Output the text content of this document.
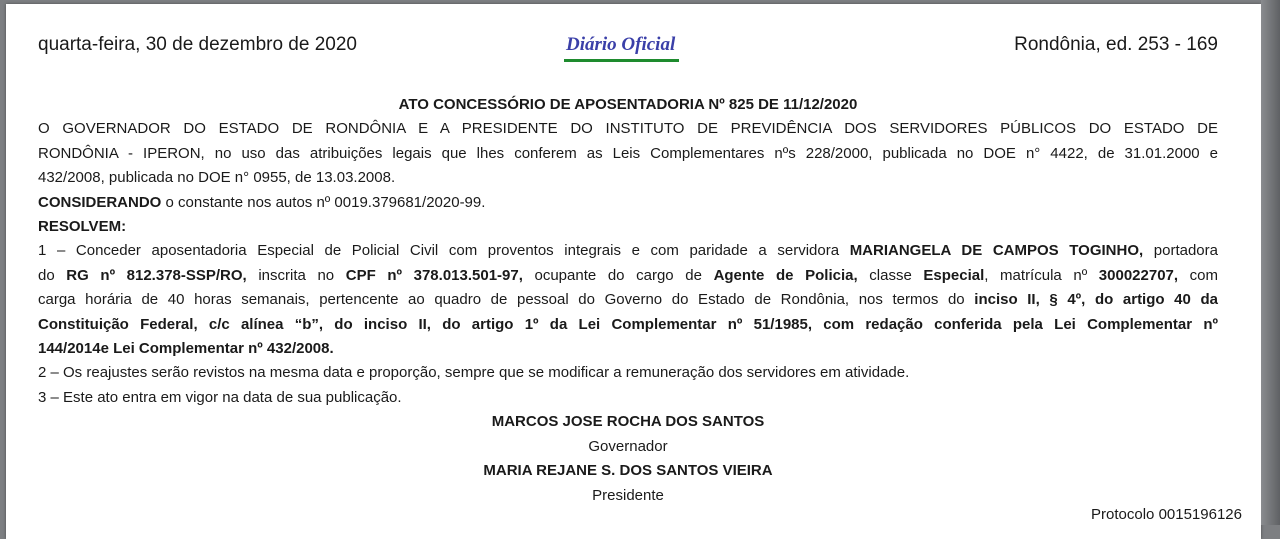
quarta-feira, 30 de dezembro de 2020	Diário Oficial	Rondônia, ed. 253 - 169
ATO CONCESSÓRIO DE APOSENTADORIA Nº 825 DE 11/12/2020
O GOVERNADOR DO ESTADO DE RONDÔNIA E A PRESIDENTE DO INSTITUTO DE PREVIDÊNCIA DOS SERVIDORES PÚBLICOS DO ESTADO DE
RONDÔNIA - IPERON, no uso das atribuições legais que lhes conferem as Leis Complementares nºs 228/2000, publicada no DOE n° 4422, de 31.01.2000 e
432/2008, publicada no DOE n° 0955, de 13.03.2008.
CONSIDERANDO o constante nos autos nº 0019.379681/2020-99.
RESOLVEM:
1 – Conceder aposentadoria Especial de Policial Civil com proventos integrais e com paridade a servidora MARIANGELA DE CAMPOS TOGINHO, portadora
do RG nº 812.378-SSP/RO, inscrita no CPF nº 378.013.501-97, ocupante do cargo de Agente de Policia, classe Especial, matrícula nº 300022707, com
carga horária de 40 horas semanais, pertencente ao quadro de pessoal do Governo do Estado de Rondônia, nos termos do inciso II, § 4º, do artigo 40 da
Constituição Federal, c/c alínea “b”, do inciso II, do artigo 1º da Lei Complementar nº 51/1985, com redação conferida pela Lei Complementar nº
144/2014e Lei Complementar nº 432/2008.
2 – Os reajustes serão revistos na mesma data e proporção, sempre que se modificar a remuneração dos servidores em atividade.
3 – Este ato entra em vigor na data de sua publicação.
MARCOS JOSE ROCHA DOS SANTOS
Governador
MARIA REJANE S. DOS SANTOS VIEIRA
Presidente
Protocolo 0015196126
